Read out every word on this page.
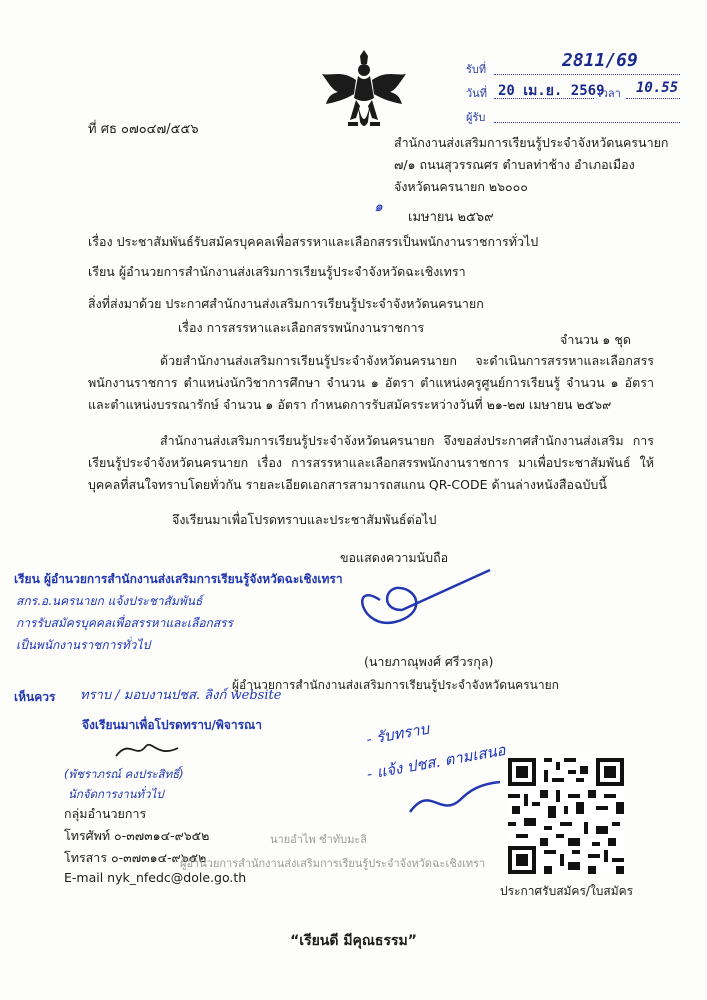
รับที่	2811/69
วันที่ 20 เม.ย. 2569
เวลา 10.55
ผู้รับ
ที่ ศธ ๐๗๐๔๗/๕๕๖
สำนักงานส่งเสริมการเรียนรู้ประจำจังหวัดนครนายก
๗/๑ ถนนสุวรรณศร ตำบลท่าช้าง อำเภอเมือง
จังหวัดนครนายก ๒๖๐๐๐
๑
เมษายน ๒๕๖๙
เรื่อง ประชาสัมพันธ์รับสมัครบุคคลเพื่อสรรหาและเลือกสรรเป็นพนักงานราชการทั่วไป
เรียน ผู้อำนวยการสำนักงานส่งเสริมการเรียนรู้ประจำจังหวัดฉะเชิงเทรา
สิ่งที่ส่งมาด้วย ประกาศสำนักงานส่งเสริมการเรียนรู้ประจำจังหวัดนครนายก
เรื่อง การสรรหาและเลือกสรรพนักงานราชการ
จำนวน ๑ ชุด
ด้วยสำนักงานส่งเสริมการเรียนรู้ประจำจังหวัดนครนายก จะดำเนินการสรรหาและเลือกสรร พนักงานราชการ ตำแหน่งนักวิชาการศึกษา จำนวน ๑ อัตรา ตำแหน่งครูศูนย์การเรียนรู้ จำนวน ๑ อัตรา และตำแหน่งบรรณารักษ์ จำนวน ๑ อัตรา กำหนดการรับสมัครระหว่างวันที่ ๒๑-๒๗ เมษายน ๒๕๖๙
สำนักงานส่งเสริมการเรียนรู้ประจำจังหวัดนครนายก จึงขอส่งประกาศสำนักงานส่งเสริม การเรียนรู้ประจำจังหวัดนครนายก เรื่อง การสรรหาและเลือกสรรพนักงานราชการ มาเพื่อประชาสัมพันธ์ ให้บุคคลที่สนใจทราบโดยทั่วกัน รายละเอียดเอกสารสามารถสแกน QR-CODE ด้านล่างหนังสือฉบับนี้
จึงเรียนมาเพื่อโปรดทราบและประชาสัมพันธ์ต่อไป
ขอแสดงความนับถือ
เรียน ผู้อำนวยการสำนักงานส่งเสริมการเรียนรู้จังหวัดฉะเชิงเทรา
สกร.อ.นครนายก แจ้งประชาสัมพันธ์
การรับสมัครบุคคลเพื่อสรรหาและเลือกสรร
เป็นพนักงานราชการทั่วไป
(นายภาณุพงศ์ ศรีวรกุล)
ผู้อำนวยการสำนักงานส่งเสริมการเรียนรู้ประจำจังหวัดนครนายก
เห็นควร ทราบ / มอบงานปชส. ลิงก์ website
จึงเรียนมาเพื่อโปรดทราบ/พิจารณา
(พัชราภรณ์ คงประสิทธิ์)
นักจัดการงานทั่วไป
- รับทราบ
- แจ้ง ปชส. ตามเสนอ
กลุ่มอำนวยการ
โทรศัพท์ ๐-๓๗๓๑๔-๙๖๕๒
โทรสาร ๐-๓๗๓๑๔-๙๖๕๒
E-mail nyk_nfedc@dole.go.th
นายอำไพ ซำทับมะลิ
ผู้อำนวยการสำนักงานส่งเสริมการเรียนรู้ประจำจังหวัดฉะเชิงเทรา
ประกาศรับสมัคร/ใบสมัคร
“เรียนดี มีคุณธรรม”
